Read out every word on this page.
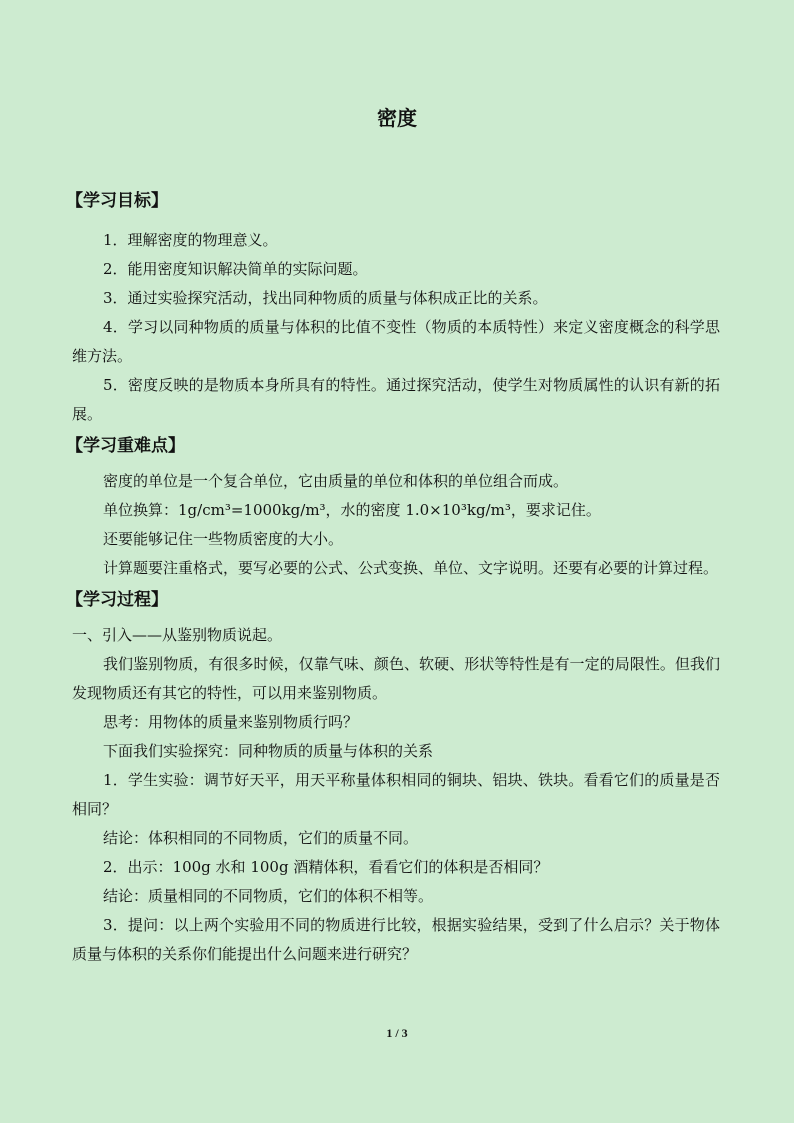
密度
【学习目标】

1．理解密度的物理意义。

2．能用密度知识解决简单的实际问题。

3．通过实验探究活动，找出同种物质的质量与体积成正比的关系。

4．学习以同种物质的质量与体积的比值不变性（物质的本质特性）来定义密度概念的科学思维方法。

5．密度反映的是物质本身所具有的特性。通过探究活动，使学生对物质属性的认识有新的拓展。

【学习重难点】

密度的单位是一个复合单位，它由质量的单位和体积的单位组合而成。

单位换算：1g/cm³=1000kg/m³，水的密度 1.0×10³kg/m³，要求记住。

还要能够记住一些物质密度的大小。

计算题要注重格式，要写必要的公式、公式变换、单位、文字说明。还要有必要的计算过程。

【学习过程】

一、引入——从鉴别物质说起。

我们鉴别物质，有很多时候，仅靠气味、颜色、软硬、形状等特性是有一定的局限性。但我们发现物质还有其它的特性，可以用来鉴别物质。

思考：用物体的质量来鉴别物质行吗？

下面我们实验探究：同种物质的质量与体积的关系

1．学生实验：调节好天平，用天平称量体积相同的铜块、铝块、铁块。看看它们的质量是否相同？

结论：体积相同的不同物质，它们的质量不同。

2．出示：100g 水和 100g 酒精体积，看看它们的体积是否相同？

结论：质量相同的不同物质，它们的体积不相等。

3．提问：以上两个实验用不同的物质进行比较，根据实验结果，受到了什么启示？关于物体质量与体积的关系你们能提出什么问题来进行研究？

1 / 3
